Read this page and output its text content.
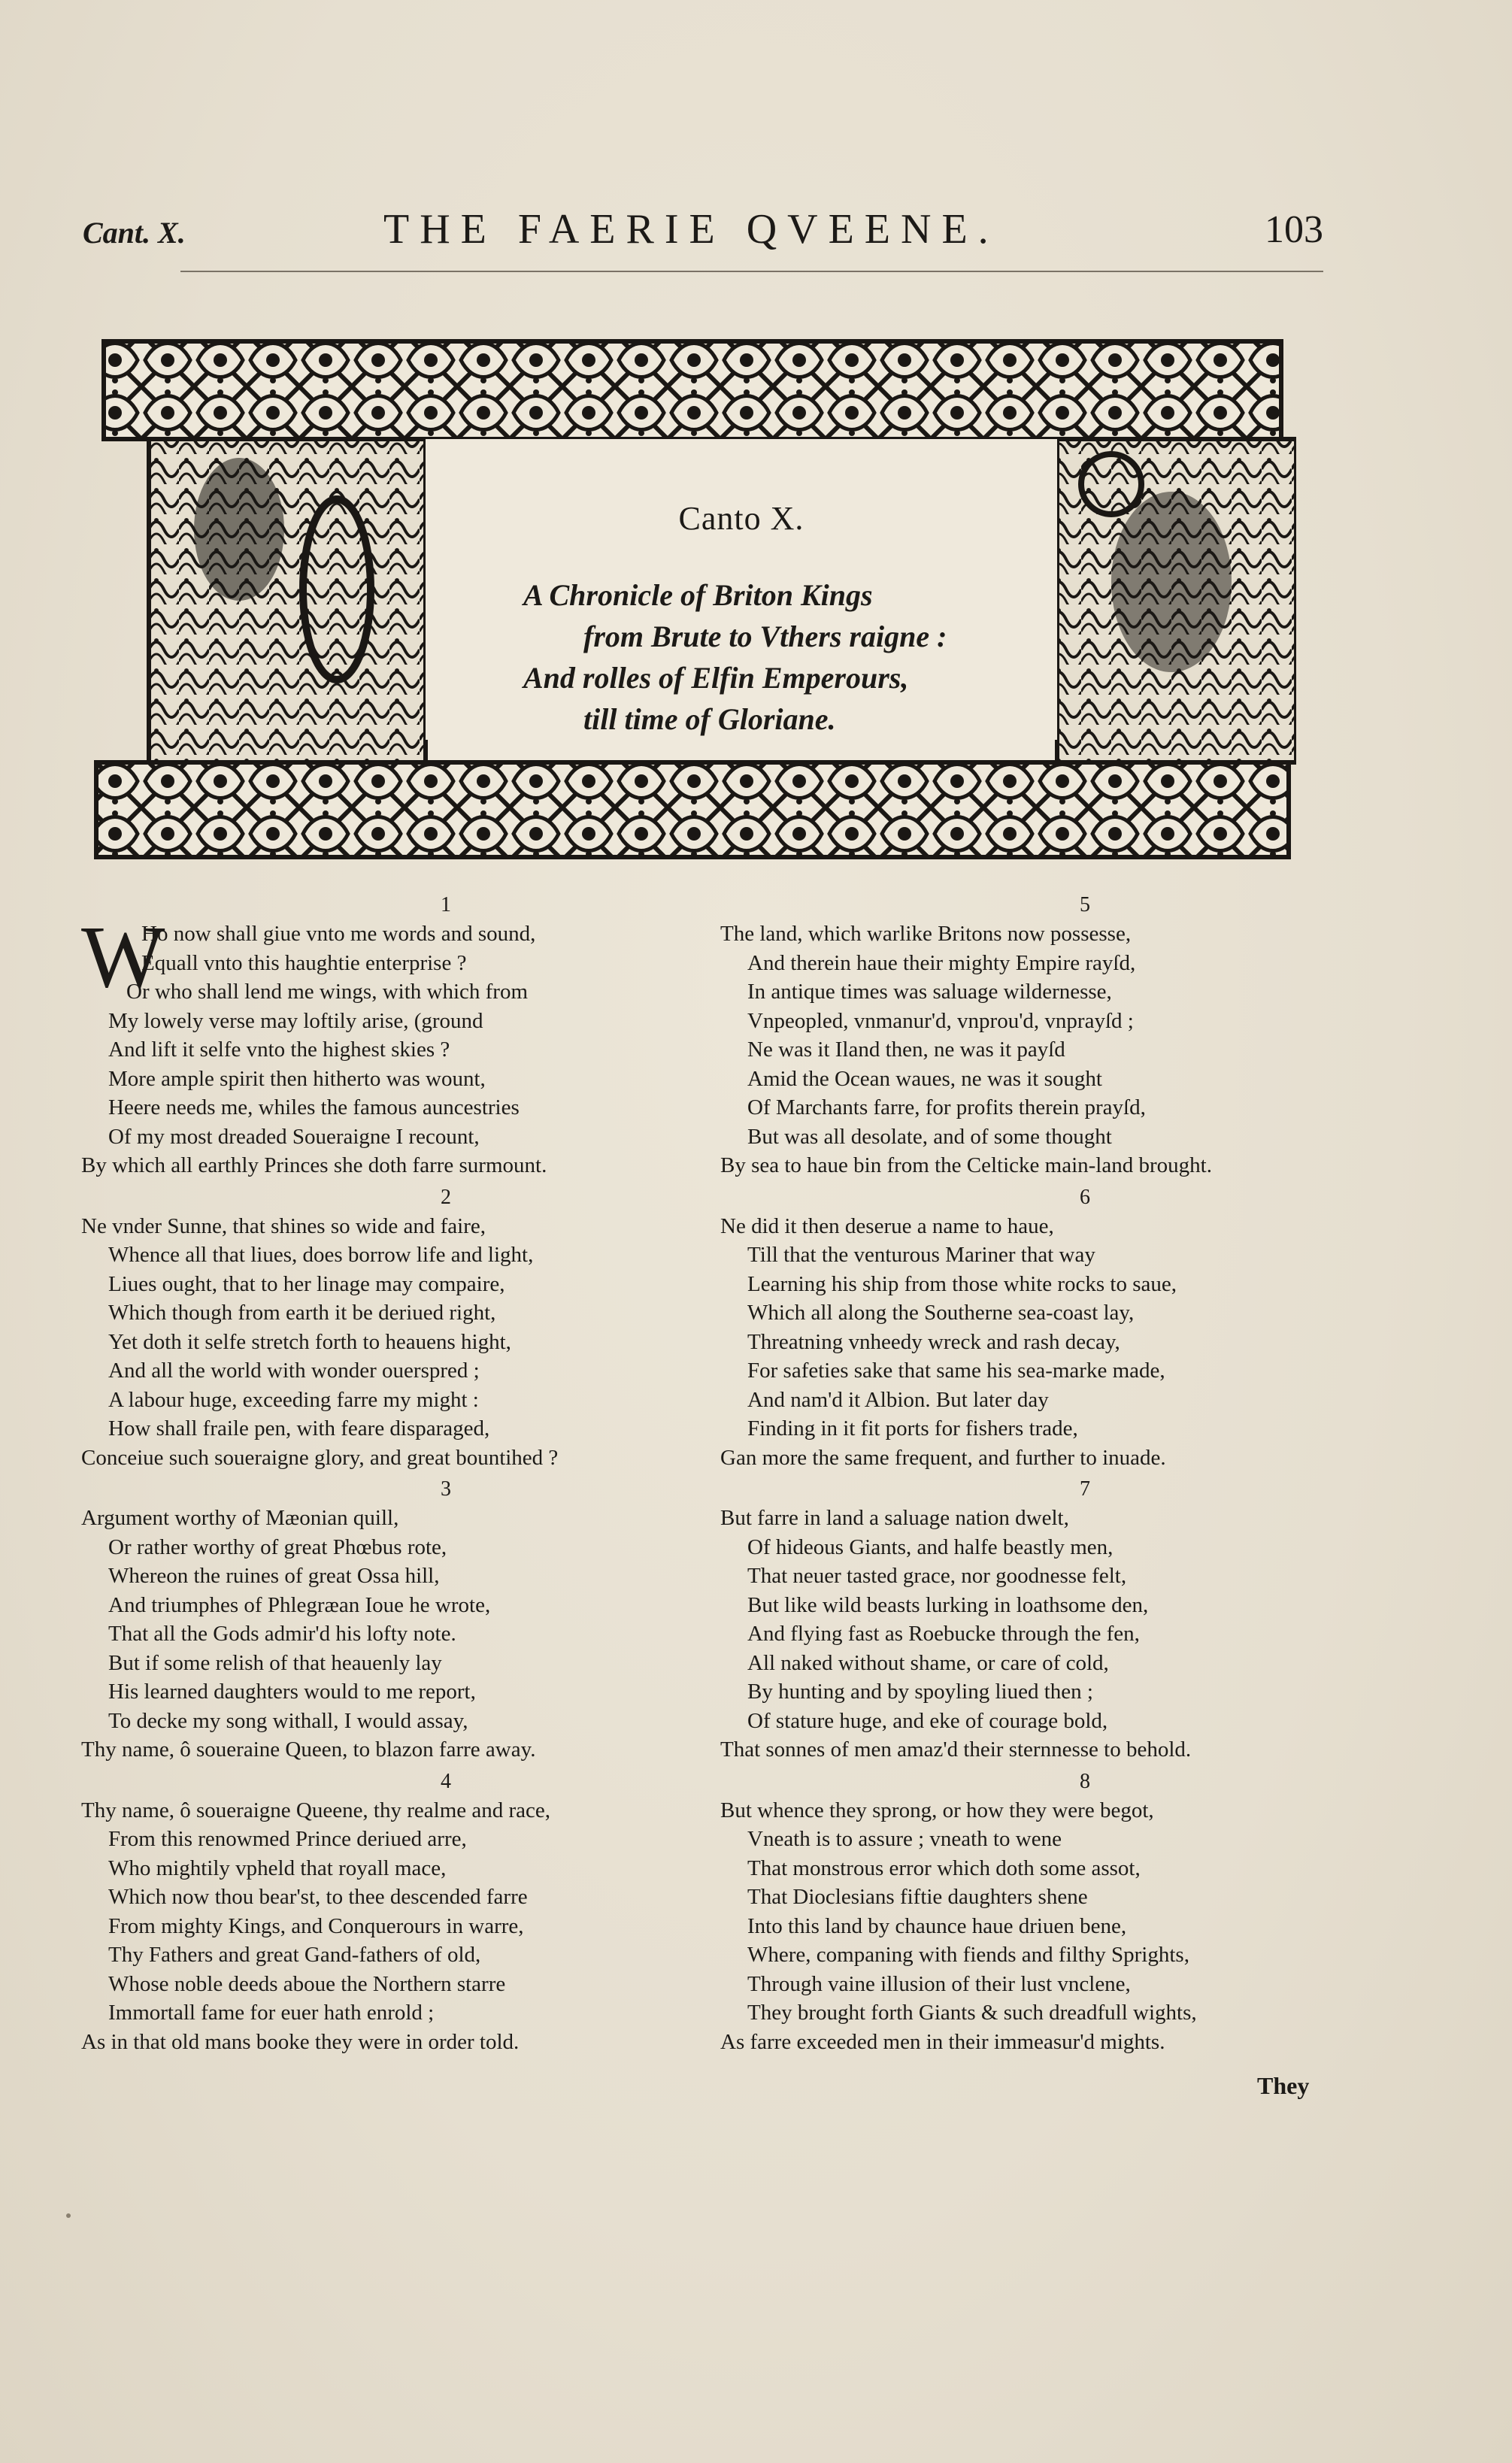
Cant. X.	THE FAERIE QVEENE.	103
Canto X.
A Chronicle of Briton Kings
from Brute to Vthers raigne :
And rolles of Elfin Emperours,
till time of Gloriane.
1
W
Ho now shall giue vnto me words and sound,
Equall vnto this haughtie enterprise ?
Or who shall lend me wings, with which from
My lowely verse may loftily arise, (ground
And lift it selfe vnto the highest skies ?
More ample spirit then hitherto was wount,
Heere needs me, whiles the famous auncestries
Of my most dreaded Soueraigne I recount,
By which all earthly Princes she doth farre surmount.
2
Ne vnder Sunne, that shines so wide and faire,
Whence all that liues, does borrow life and light,
Liues ought, that to her linage may compaire,
Which though from earth it be deriued right,
Yet doth it selfe stretch forth to heauens hight,
And all the world with wonder ouerspred ;
A labour huge, exceeding farre my might :
How shall fraile pen, with feare disparaged,
Conceiue such soueraigne glory, and great bountihed ?
3
Argument worthy of Mæonian quill,
Or rather worthy of great Phœbus rote,
Whereon the ruines of great Ossa hill,
And triumphes of Phlegræan Ioue he wrote,
That all the Gods admir'd his lofty note.
But if some relish of that heauenly lay
His learned daughters would to me report,
To decke my song withall, I would assay,
Thy name, ô soueraine Queen, to blazon farre away.
4
Thy name, ô soueraigne Queene, thy realme and race,
From this renowmed Prince deriued arre,
Who mightily vpheld that royall mace,
Which now thou bear'st, to thee descended farre
From mighty Kings, and Conquerours in warre,
Thy Fathers and great Gand-fathers of old,
Whose noble deeds aboue the Northern starre
Immortall fame for euer hath enrold ;
As in that old mans booke they were in order told.
5
The land, which warlike Britons now possesse,
And therein haue their mighty Empire rayſd,
In antique times was saluage wildernesse,
Vnpeopled, vnmanur'd, vnprou'd, vnprayſd ;
Ne was it Iland then, ne was it payſd
Amid the Ocean waues, ne was it sought
Of Marchants farre, for profits therein prayſd,
But was all desolate, and of some thought
By sea to haue bin from the Celticke main-land brought.
6
Ne did it then deserue a name to haue,
Till that the venturous Mariner that way
Learning his ship from those white rocks to saue,
Which all along the Southerne sea-coast lay,
Threatning vnheedy wreck and rash decay,
For safeties sake that same his sea-marke made,
And nam'd it Albion. But later day
Finding in it fit ports for fishers trade,
Gan more the same frequent, and further to inuade.
7
But farre in land a saluage nation dwelt,
Of hideous Giants, and halfe beastly men,
That neuer tasted grace, nor goodnesse felt,
But like wild beasts lurking in loathsome den,
And flying fast as Roebucke through the fen,
All naked without shame, or care of cold,
By hunting and by spoyling liued then ;
Of stature huge, and eke of courage bold,
That sonnes of men amaz'd their sternnesse to behold.
8
But whence they sprong, or how they were begot,
Vneath is to assure ; vneath to wene
That monstrous error which doth some assot,
That Dioclesians fiftie daughters shene
Into this land by chaunce haue driuen bene,
Where, companing with fiends and filthy Sprights,
Through vaine illusion of their lust vnclene,
They brought forth Giants & such dreadfull wights,
As farre exceeded men in their immeasur'd mights.
They
